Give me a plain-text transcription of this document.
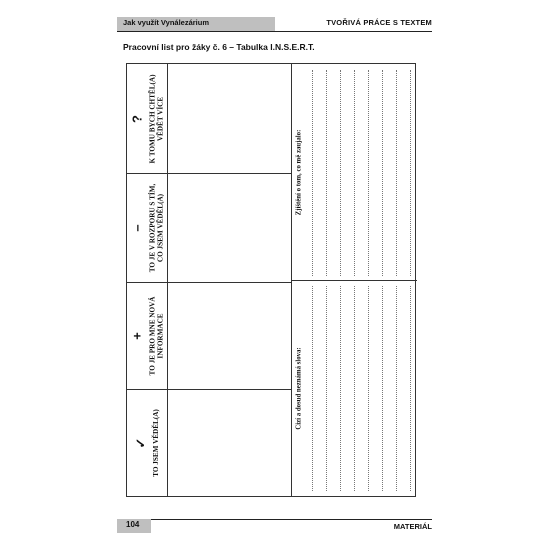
Jak využít Vynálezárium	TVOŘIVÁ PRÁCE S TEXTEM
Pracovní list pro žáky č. 6 – Tabulka I.N.S.E.R.T.
? K TOMU BYCH CHTĚL(A)
VĚDĚT VÍCE
– TO JE V ROZPORU S TÍM,
CO JSEM VĚDĚL(A)
+ TO JE PRO MNE NOVÁ
INFORMACE
✓ TO JSEM VĚDĚL(A)
Zjištění o tom, co mě zaujalo:
Cizí a dosud neznámá slova:
104	MATERIÁL
